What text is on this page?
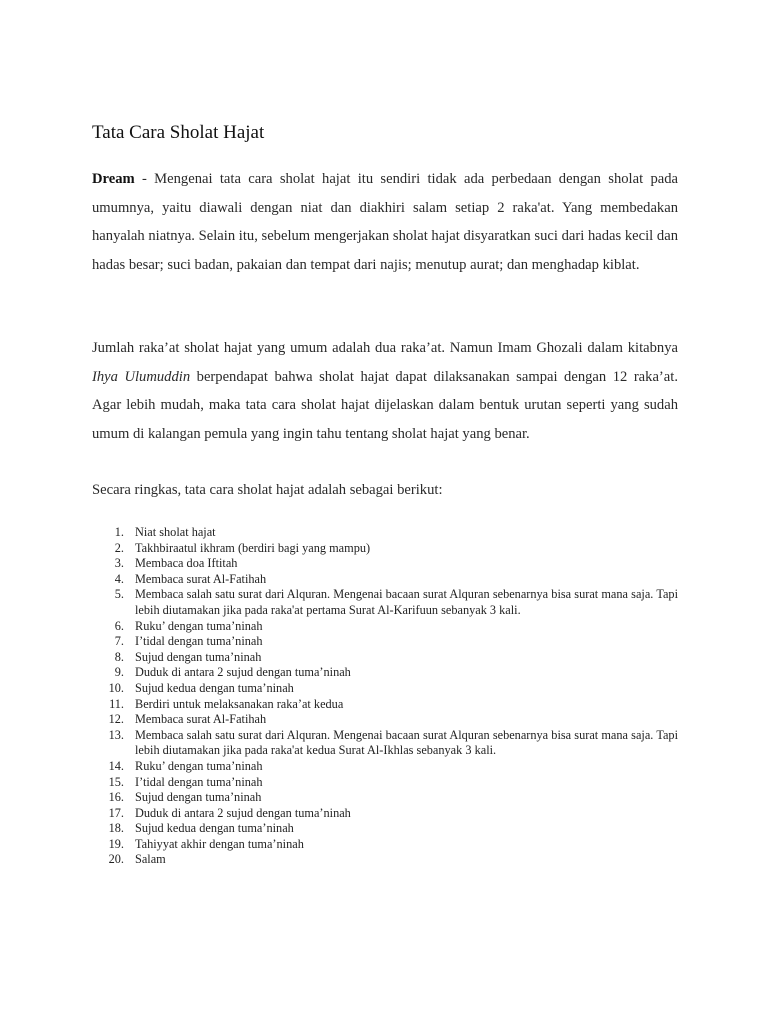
Tata Cara Sholat Hajat

Dream - Mengenai tata cara sholat hajat itu sendiri tidak ada perbedaan dengan sholat pada umumnya, yaitu diawali dengan niat dan diakhiri salam setiap 2 raka'at. Yang membedakan hanyalah niatnya. Selain itu, sebelum mengerjakan sholat hajat disyaratkan suci dari hadas kecil dan hadas besar; suci badan, pakaian dan tempat dari najis; menutup aurat; dan menghadap kiblat.

Jumlah raka’at sholat hajat yang umum adalah dua raka’at. Namun Imam Ghozali dalam kitabnya Ihya Ulumuddin berpendapat bahwa sholat hajat dapat dilaksanakan sampai dengan 12 raka’at. Agar lebih mudah, maka tata cara sholat hajat dijelaskan dalam bentuk urutan seperti yang sudah umum di kalangan pemula yang ingin tahu tentang sholat hajat yang benar.

Secara ringkas, tata cara sholat hajat adalah sebagai berikut:

1. Niat sholat hajat
2. Takhbiraatul ikhram (berdiri bagi yang mampu)
3. Membaca doa Iftitah
4. Membaca surat Al-Fatihah
5. Membaca salah satu surat dari Alquran. Mengenai bacaan surat Alquran sebenarnya bisa surat mana saja. Tapi lebih diutamakan jika pada raka'at pertama Surat Al-Karifuun sebanyak 3 kali.
6. Ruku’ dengan tuma’ninah
7. I’tidal dengan tuma’ninah
8. Sujud dengan tuma’ninah
9. Duduk di antara 2 sujud dengan tuma’ninah
10. Sujud kedua dengan tuma’ninah
11. Berdiri untuk melaksanakan raka’at kedua
12. Membaca surat Al-Fatihah
13. Membaca salah satu surat dari Alquran. Mengenai bacaan surat Alquran sebenarnya bisa surat mana saja. Tapi lebih diutamakan jika pada raka'at kedua Surat Al-Ikhlas sebanyak 3 kali.
14. Ruku’ dengan tuma’ninah
15. I’tidal dengan tuma’ninah
16. Sujud dengan tuma’ninah
17. Duduk di antara 2 sujud dengan tuma’ninah
18. Sujud kedua dengan tuma’ninah
19. Tahiyyat akhir dengan tuma’ninah
20. Salam
